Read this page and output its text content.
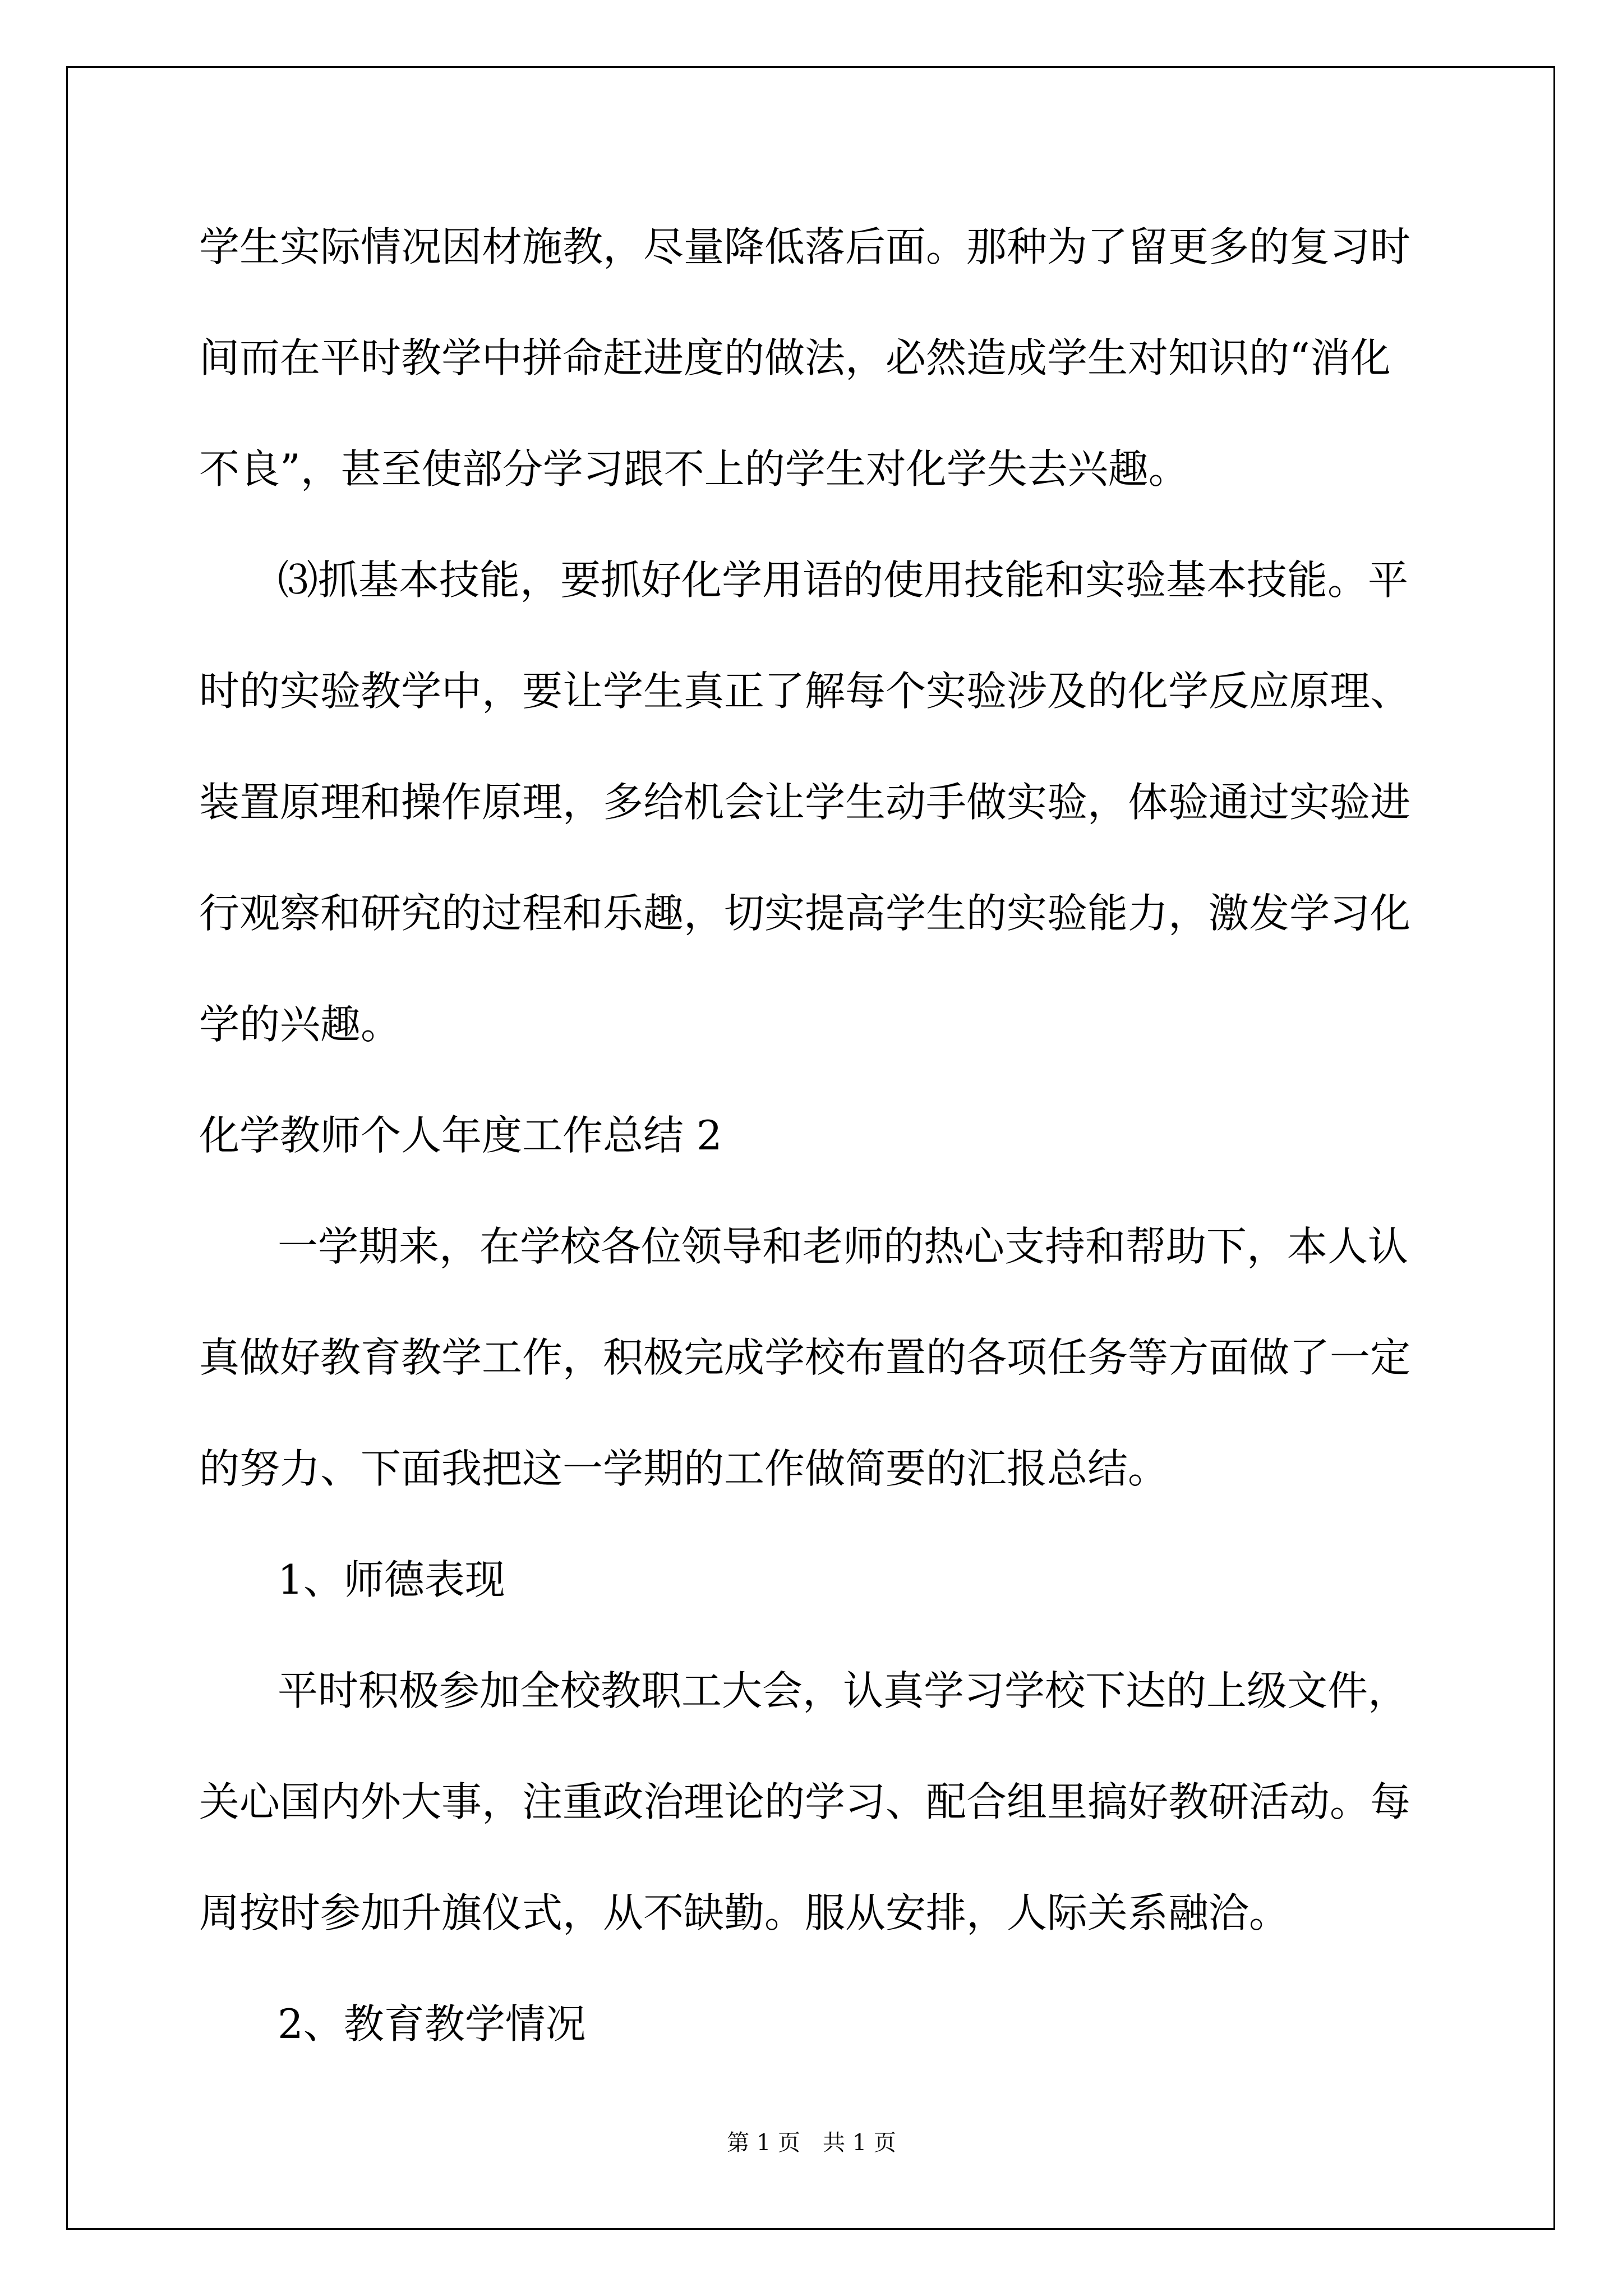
学生实际情况因材施教，尽量降低落后面。那种为了留更多的复习时
间而在平时教学中拼命赶进度的做法，必然造成学生对知识的“消化
不良”，甚至使部分学习跟不上的学生对化学失去兴趣。
⑶抓基本技能，要抓好化学用语的使用技能和实验基本技能。平
时的实验教学中，要让学生真正了解每个实验涉及的化学反应原理、
装置原理和操作原理，多给机会让学生动手做实验，体验通过实验进
行观察和研究的过程和乐趣，切实提高学生的实验能力，激发学习化
学的兴趣。
化学教师个人年度工作总结 2
一学期来，在学校各位领导和老师的热心支持和帮助下，本人认
真做好教育教学工作，积极完成学校布置的各项任务等方面做了一定
的努力、下面我把这一学期的工作做简要的汇报总结。
1、师德表现
平时积极参加全校教职工大会，认真学习学校下达的上级文件，
关心国内外大事，注重政治理论的学习、配合组里搞好教研活动。每
周按时参加升旗仪式，从不缺勤。服从安排，人际关系融洽。
2、教育教学情况
第 1 页　共 1 页
